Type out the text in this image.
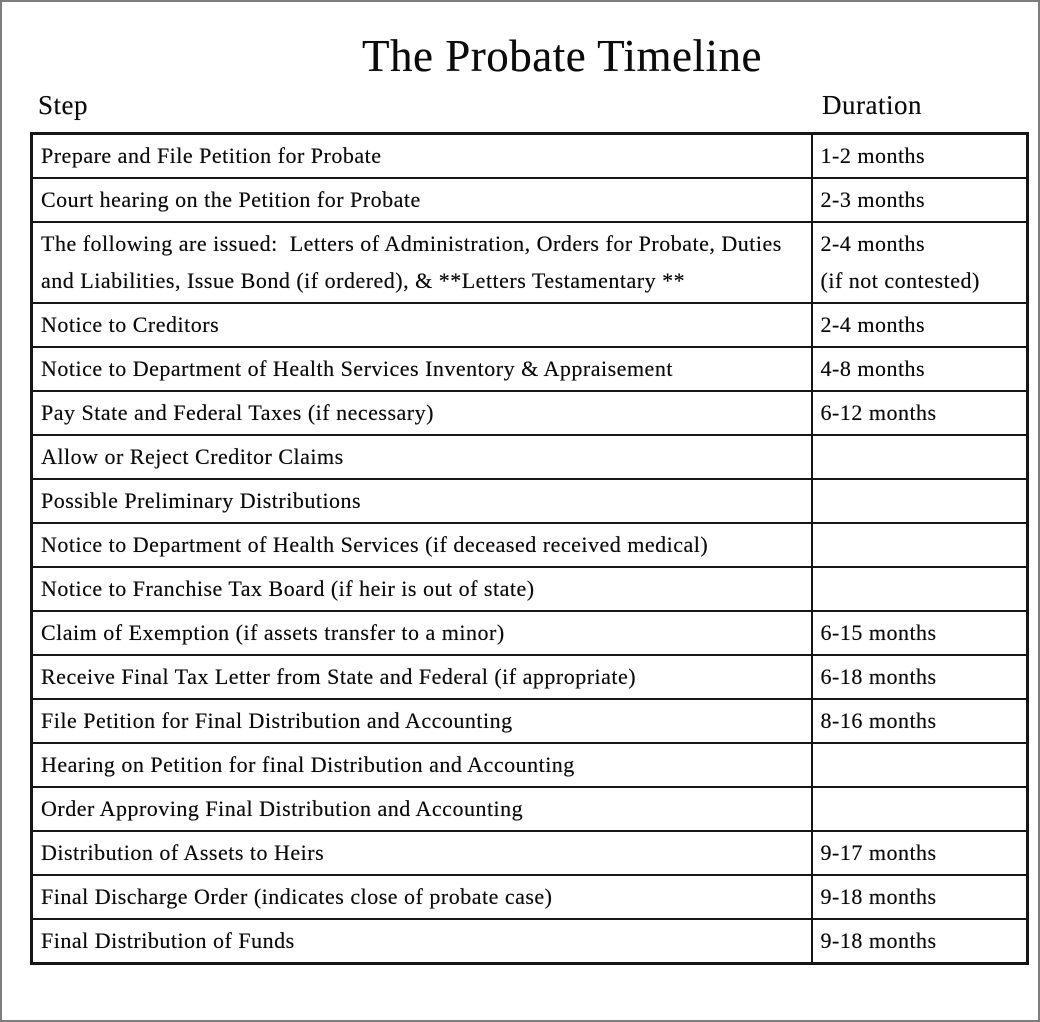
The Probate Timeline
Step	Duration
Prepare and File Petition for Probate	1-2 months

Court hearing on the Petition for Probate	2-3 months

The following are issued:  Letters of Administration, Orders for Probate, Duties and Liabilities, Issue Bond (if ordered), & **Letters Testamentary **	2-4 months
(if not contested)

Notice to Creditors	2-4 months

Notice to Department of Health Services Inventory & Appraisement	4-8 months

Pay State and Federal Taxes (if necessary)	6-12 months

Allow or Reject Creditor Claims	
Possible Preliminary Distributions	
Notice to Department of Health Services (if deceased received medical)	
Notice to Franchise Tax Board (if heir is out of state)	
Claim of Exemption (if assets transfer to a minor)	6-15 months

Receive Final Tax Letter from State and Federal (if appropriate)	6-18 months

File Petition for Final Distribution and Accounting	8-16 months

Hearing on Petition for final Distribution and Accounting	
Order Approving Final Distribution and Accounting	
Distribution of Assets to Heirs	9-17 months

Final Discharge Order (indicates close of probate case)	9-18 months

Final Distribution of Funds	9-18 months
